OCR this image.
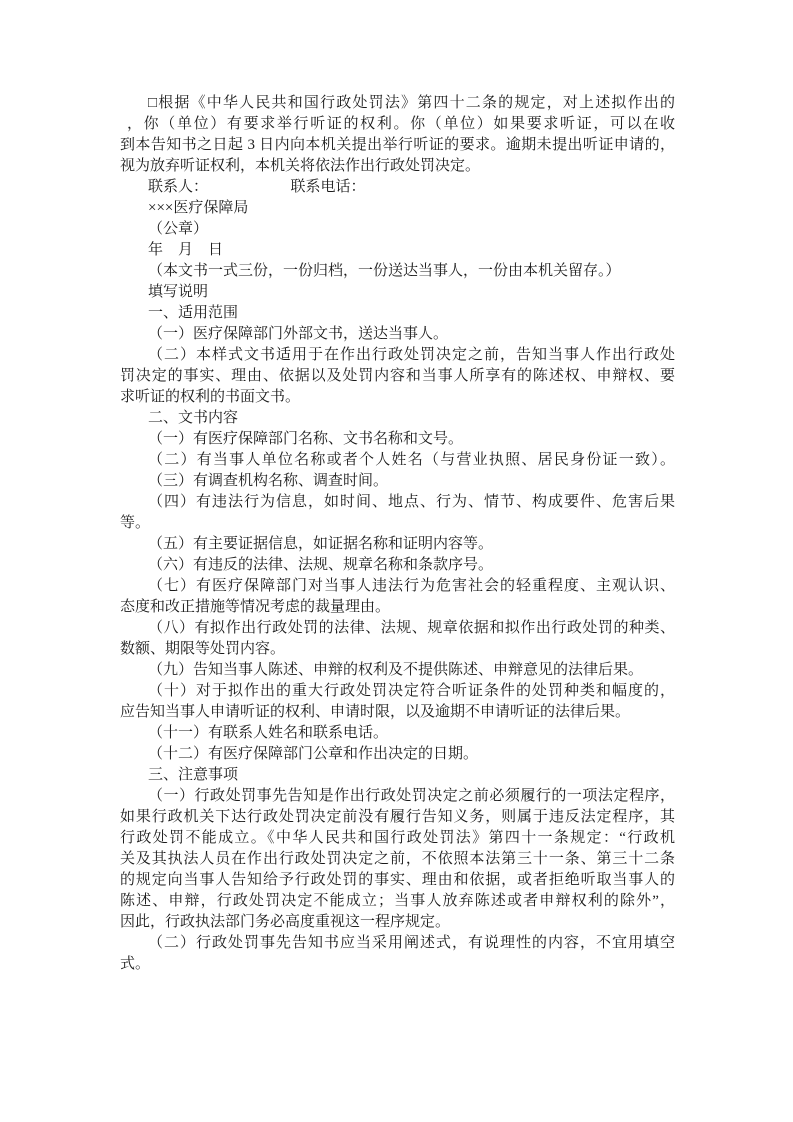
□根据《中华人民共和国行政处罚法》第四十二条的规定，对上述拟作出的
，你（单位）有要求举行听证的权利。你（单位）如果要求听证，可以在收
到本告知书之日起 3 日内向本机关提出举行听证的要求。逾期未提出听证申请的，
视为放弃听证权利，本机关将依法作出行政处罚决定。
联系人：　　　　　　联系电话：
×××医疗保障局
（公章）
年　月　日
（本文书一式三份，一份归档，一份送达当事人，一份由本机关留存。）
填写说明
一、适用范围
（一）医疗保障部门外部文书，送达当事人。
（二）本样式文书适用于在作出行政处罚决定之前，告知当事人作出行政处
罚决定的事实、理由、依据以及处罚内容和当事人所享有的陈述权、申辩权、要
求听证的权利的书面文书。
二、文书内容
（一）有医疗保障部门名称、文书名称和文号。
（二）有当事人单位名称或者个人姓名（与营业执照、居民身份证一致）。
（三）有调查机构名称、调查时间。
（四）有违法行为信息，如时间、地点、行为、情节、构成要件、危害后果
等。
（五）有主要证据信息，如证据名称和证明内容等。
（六）有违反的法律、法规、规章名称和条款序号。
（七）有医疗保障部门对当事人违法行为危害社会的轻重程度、主观认识、
态度和改正措施等情况考虑的裁量理由。
（八）有拟作出行政处罚的法律、法规、规章依据和拟作出行政处罚的种类、
数额、期限等处罚内容。
（九）告知当事人陈述、申辩的权利及不提供陈述、申辩意见的法律后果。
（十）对于拟作出的重大行政处罚决定符合听证条件的处罚种类和幅度的，
应告知当事人申请听证的权利、申请时限，以及逾期不申请听证的法律后果。
（十一）有联系人姓名和联系电话。
（十二）有医疗保障部门公章和作出决定的日期。
三、注意事项
（一）行政处罚事先告知是作出行政处罚决定之前必须履行的一项法定程序，
如果行政机关下达行政处罚决定前没有履行告知义务，则属于违反法定程序，其
行政处罚不能成立。《中华人民共和国行政处罚法》第四十一条规定：“行政机
关及其执法人员在作出行政处罚决定之前，不依照本法第三十一条、第三十二条
的规定向当事人告知给予行政处罚的事实、理由和依据，或者拒绝听取当事人的
陈述、申辩，行政处罚决定不能成立；当事人放弃陈述或者申辩权利的除外”，
因此，行政执法部门务必高度重视这一程序规定。
（二）行政处罚事先告知书应当采用阐述式，有说理性的内容，不宜用填空
式。
